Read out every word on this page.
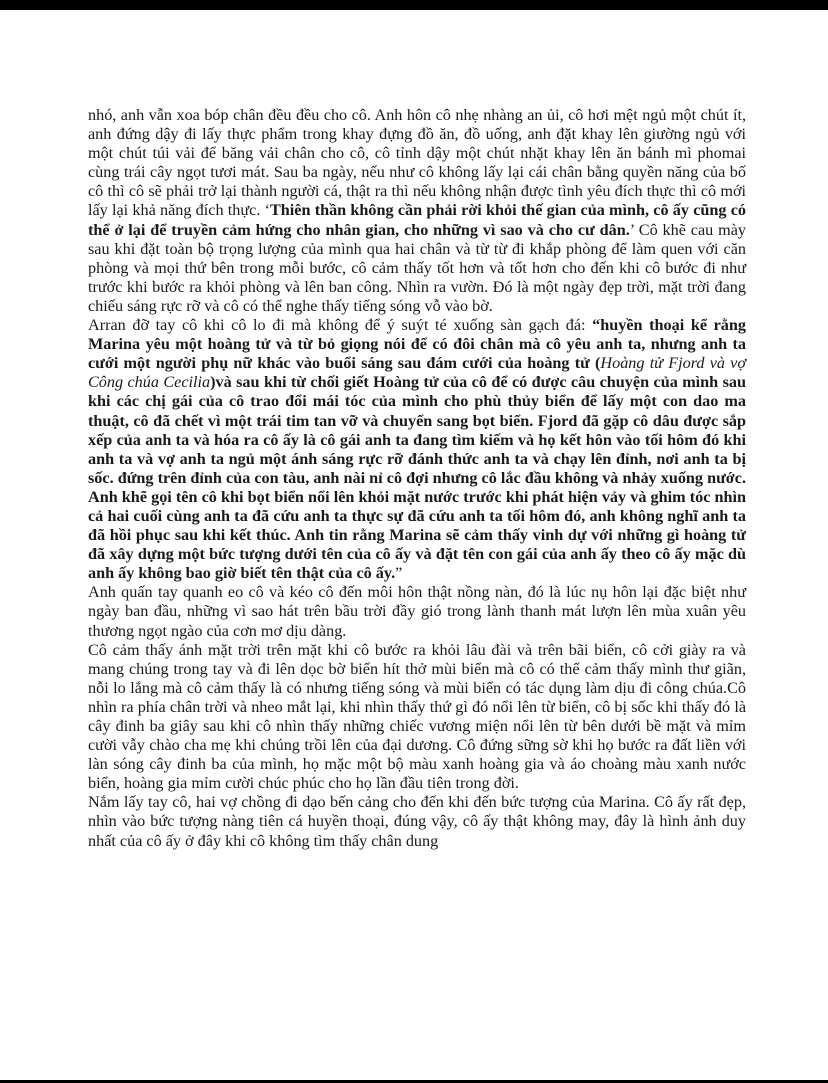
nhó, anh vẫn xoa bóp chân đều đều cho cô. Anh hôn cô nhẹ nhàng an ủi, cô hơi mệt ngủ một chút ít, anh đứng dậy đi lấy thực phẩm trong khay đựng đồ ăn, đồ uống, anh đặt khay lên giường ngủ với một chút túi vải để băng vải chân cho cô, cô tỉnh dậy một chút nhặt khay lên ăn bánh mì phomai cùng trái cây ngọt tươi mát. Sau ba ngày, nếu như cô không lấy lại cái chân bằng quyền năng của bố cô thì cô sẽ phải trở lại thành người cá, thật ra thì nếu không nhận được tình yêu đích thực thì cô mới lấy lại khả năng đích thực. ‘Thiên thần không cần phải rời khỏi thế gian của mình, cô ấy cũng có thể ở lại để truyền cảm hứng cho nhân gian, cho những vì sao và cho cư dân.’ Cô khẽ cau mày sau khi đặt toàn bộ trọng lượng của mình qua hai chân và từ từ đi khắp phòng để làm quen với căn phòng và mọi thứ bên trong mỗi bước, cô cảm thấy tốt hơn và tốt hơn cho đến khi cô bước đi như trước khi bước ra khỏi phòng và lên ban công. Nhìn ra vườn. Đó là một ngày đẹp trời, mặt trời đang chiếu sáng rực rỡ và cô có thể nghe thấy tiếng sóng vỗ vào bờ.

Arran đỡ tay cô khi cô lo đi mà không để ý suýt té xuống sàn gạch đá: “huyền thoại kể rằng Marina yêu một hoàng tử và từ bỏ giọng nói để có đôi chân mà cô yêu anh ta, nhưng anh ta cưới một người phụ nữ khác vào buổi sáng sau đám cưới của hoàng tử (Hoàng tử Fjord và vợ Công chúa Cecilia)và sau khi từ chối giết Hoàng tử của cô để có được câu chuyện của mình sau khi các chị gái của cô trao đổi mái tóc của mình cho phù thủy biển để lấy một con dao ma thuật, cô đã chết vì một trái tim tan vỡ và chuyển sang bọt biển. Fjord đã gặp cô dâu được sắp xếp của anh ta và hóa ra cô ấy là cô gái anh ta đang tìm kiếm và họ kết hôn vào tối hôm đó khi anh ta và vợ anh ta ngủ một ánh sáng rực rỡ đánh thức anh ta và chạy lên đỉnh, nơi anh ta bị sốc. đứng trên đỉnh của con tàu, anh nài nỉ cô đợi nhưng cô lắc đầu không và nhảy xuống nước. Anh khẽ gọi tên cô khi bọt biển nổi lên khỏi mặt nước trước khi phát hiện vảy và ghim tóc nhìn cả hai cuối cùng anh ta đã cứu anh ta thực sự đã cứu anh ta tối hôm đó, anh không nghĩ anh ta đã hồi phục sau khi kết thúc. Anh tin rằng Marina sẽ cảm thấy vinh dự với những gì hoàng tử đã xây dựng một bức tượng dưới tên của cô ấy và đặt tên con gái của anh ấy theo cô ấy mặc dù anh ấy không bao giờ biết tên thật của cô ấy.”

Anh quấn tay quanh eo cô và kéo cô đến môi hôn thật nồng nàn, đó là lúc nụ hôn lại đặc biệt như ngày ban đầu, những vì sao hát trên bầu trời đầy gió trong lành thanh mát lượn lên mùa xuân yêu thương ngọt ngào của cơn mơ dịu dàng.

Cô cảm thấy ánh mặt trời trên mặt khi cô bước ra khỏi lâu đài và trên bãi biển, cô cởi giày ra và mang chúng trong tay và đi lên dọc bờ biển hít thở mùi biển mà cô có thể cảm thấy mình thư giãn, nỗi lo lắng mà cô cảm thấy là có nhưng tiếng sóng và mùi biển có tác dụng làm dịu đi công chúa.Cô nhìn ra phía chân trời và nheo mắt lại, khi nhìn thấy thứ gì đó nổi lên từ biển, cô bị sốc khi thấy đó là cây đinh ba giây sau khi cô nhìn thấy những chiếc vương miện nổi lên từ bên dưới bề mặt và mỉm cười vẫy chào cha mẹ khi chúng trồi lên của đại dương. Cô đứng sững sờ khi họ bước ra đất liền với làn sóng cây đinh ba của mình, họ mặc một bộ màu xanh hoàng gia và áo choàng màu xanh nước biển, hoàng gia mỉm cười chúc phúc cho họ lần đầu tiên trong đời.

Nắm lấy tay cô, hai vợ chồng đi dạo bến cảng cho đến khi đến bức tượng của Marina. Cô ấy rất đẹp, nhìn vào bức tượng nàng tiên cá huyền thoại, đúng vậy, cô ấy thật không may, đây là hình ảnh duy nhất của cô ấy ở đây khi cô không tìm thấy chân dung
